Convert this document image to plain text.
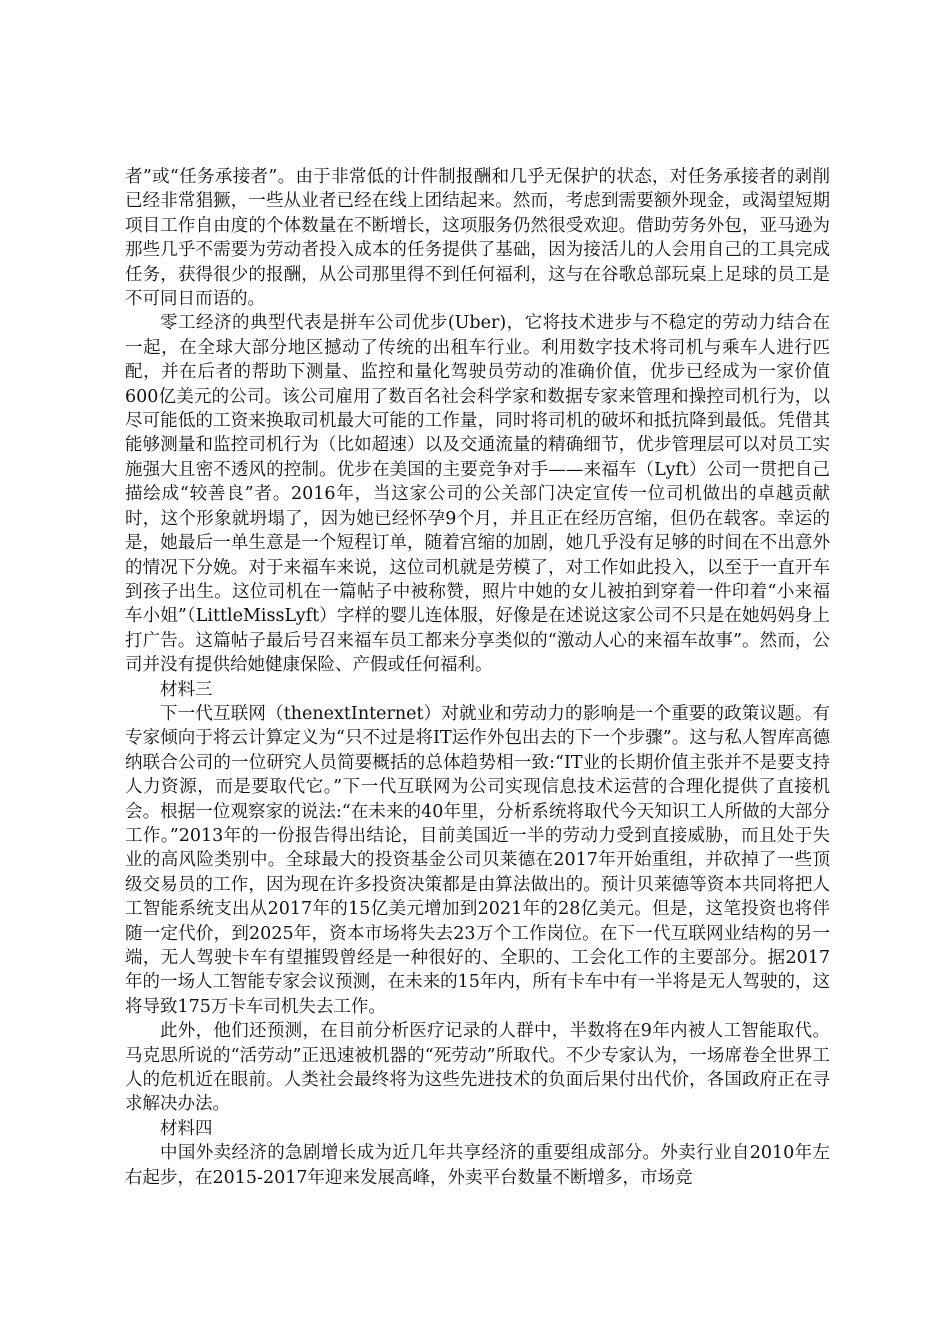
者”或“任务承接者”。由于非常低的计件制报酬和几乎无保护的状态，对任务承接者的剥削已经非常猖獗，一些从业者已经在线上团结起来。然而，考虑到需要额外现金，或渴望短期项目工作自由度的个体数量在不断增长，这项服务仍然很受欢迎。借助劳务外包，亚马逊为那些几乎不需要为劳动者投入成本的任务提供了基础，因为接活儿的人会用自己的工具完成任务，获得很少的报酬，从公司那里得不到任何福利，这与在谷歌总部玩桌上足球的员工是不可同日而语的。

零工经济的典型代表是拼车公司优步(Uber)，它将技术进步与不稳定的劳动力结合在一起，在全球大部分地区撼动了传统的出租车行业。利用数字技术将司机与乘车人进行匹配，并在后者的帮助下测量、监控和量化驾驶员劳动的准确价值，优步已经成为一家价值600亿美元的公司。该公司雇用了数百名社会科学家和数据专家来管理和操控司机行为，以尽可能低的工资来换取司机最大可能的工作量，同时将司机的破坏和抵抗降到最低。凭借其能够测量和监控司机行为（比如超速）以及交通流量的精确细节，优步管理层可以对员工实施强大且密不透风的控制。优步在美国的主要竞争对手——来福车（Lyft）公司一贯把自己描绘成“较善良”者。2016年，当这家公司的公关部门决定宣传一位司机做出的卓越贡献时，这个形象就坍塌了，因为她已经怀孕9个月，并且正在经历宫缩，但仍在载客。幸运的是，她最后一单生意是一个短程订单，随着宫缩的加剧，她几乎没有足够的时间在不出意外的情况下分娩。对于来福车来说，这位司机就是劳模了，对工作如此投入，以至于一直开车到孩子出生。这位司机在一篇帖子中被称赞，照片中她的女儿被拍到穿着一件印着“小来福车小姐”（LittleMissLyft）字样的婴儿连体服，好像是在述说这家公司不只是在她妈妈身上打广告。这篇帖子最后号召来福车员工都来分享类似的“激动人心的来福车故事”。然而，公司并没有提供给她健康保险、产假或任何福利。

材料三

下一代互联网（thenextInternet）对就业和劳动力的影响是一个重要的政策议题。有专家倾向于将云计算定义为“只不过是将IT运作外包出去的下一个步骤”。这与私人智库高德纳联合公司的一位研究人员简要概括的总体趋势相一致:“IT业的长期价值主张并不是要支持人力资源，而是要取代它。”下一代互联网为公司实现信息技术运营的合理化提供了直接机会。根据一位观察家的说法:“在未来的40年里，分析系统将取代今天知识工人所做的大部分工作。”2013年的一份报告得出结论，目前美国近一半的劳动力受到直接威胁，而且处于失业的高风险类别中。全球最大的投资基金公司贝莱德在2017年开始重组，并砍掉了一些顶级交易员的工作，因为现在许多投资决策都是由算法做出的。预计贝莱德等资本共同将把人工智能系统支出从2017年的15亿美元增加到2021年的28亿美元。但是，这笔投资也将伴随一定代价，到2025年，资本市场将失去23万个工作岗位。在下一代互联网业结构的另一端，无人驾驶卡车有望摧毁曾经是一种很好的、全职的、工会化工作的主要部分。据2017年的一场人工智能专家会议预测，在未来的15年内，所有卡车中有一半将是无人驾驶的，这将导致175万卡车司机失去工作。

此外，他们还预测，在目前分析医疗记录的人群中，半数将在9年内被人工智能取代。马克思所说的“活劳动”正迅速被机器的“死劳动”所取代。不少专家认为，一场席卷全世界工人的危机近在眼前。人类社会最终将为这些先进技术的负面后果付出代价，各国政府正在寻求解决办法。

材料四

中国外卖经济的急剧增长成为近几年共享经济的重要组成部分。外卖行业自2010年左右起步，在2015-2017年迎来发展高峰，外卖平台数量不断增多，市场竞
